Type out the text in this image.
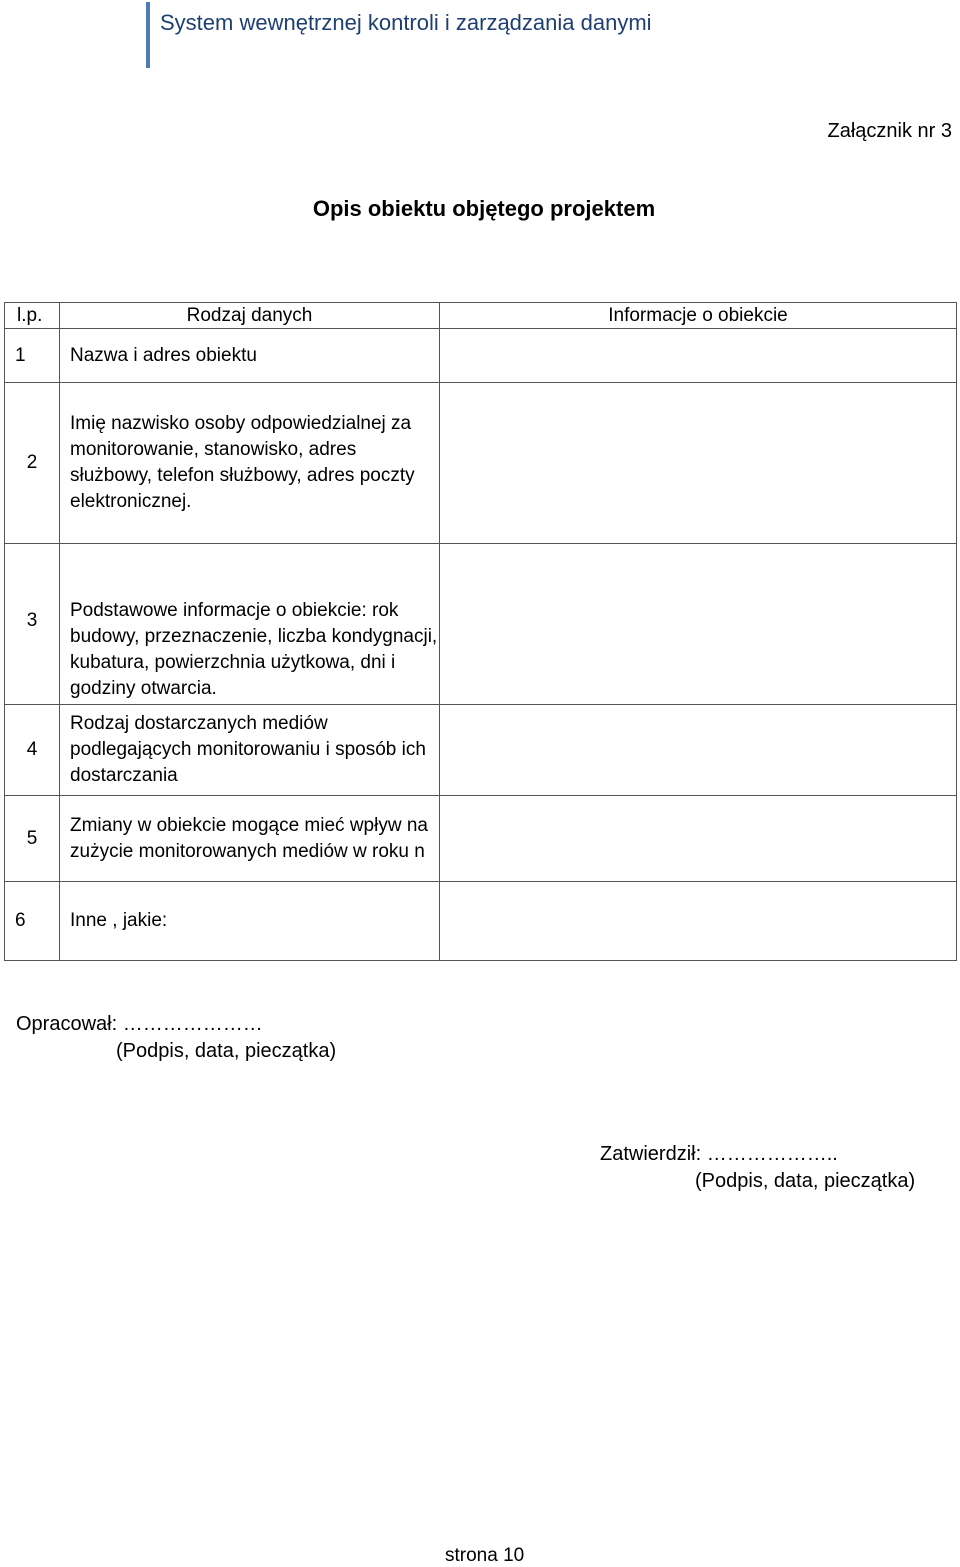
System wewnętrznej kontroli i zarządzania danymi
Załącznik nr 3
Opis obiektu objętego projektem
l.p.	Rodzaj danych	Informacje o obiekcie
1	Nazwa i adres obiektu	
2	Imię nazwisko osoby odpowiedzialnej za monitorowanie, stanowisko, adres służbowy, telefon służbowy, adres poczty elektronicznej.	
3	Podstawowe informacje o obiekcie: rok budowy, przeznaczenie, liczba kondygnacji, kubatura, powierzchnia użytkowa, dni i godziny otwarcia.	
4	Rodzaj dostarczanych mediów podlegających monitorowaniu i sposób ich dostarczania	
5	Zmiany w obiekcie mogące mieć wpływ na zużycie monitorowanych mediów w roku n	
6	Inne , jakie:	
Opracował: …………………
(Podpis, data, pieczątka)
Zatwierdził: ………………..
(Podpis, data, pieczątka)
strona 10
